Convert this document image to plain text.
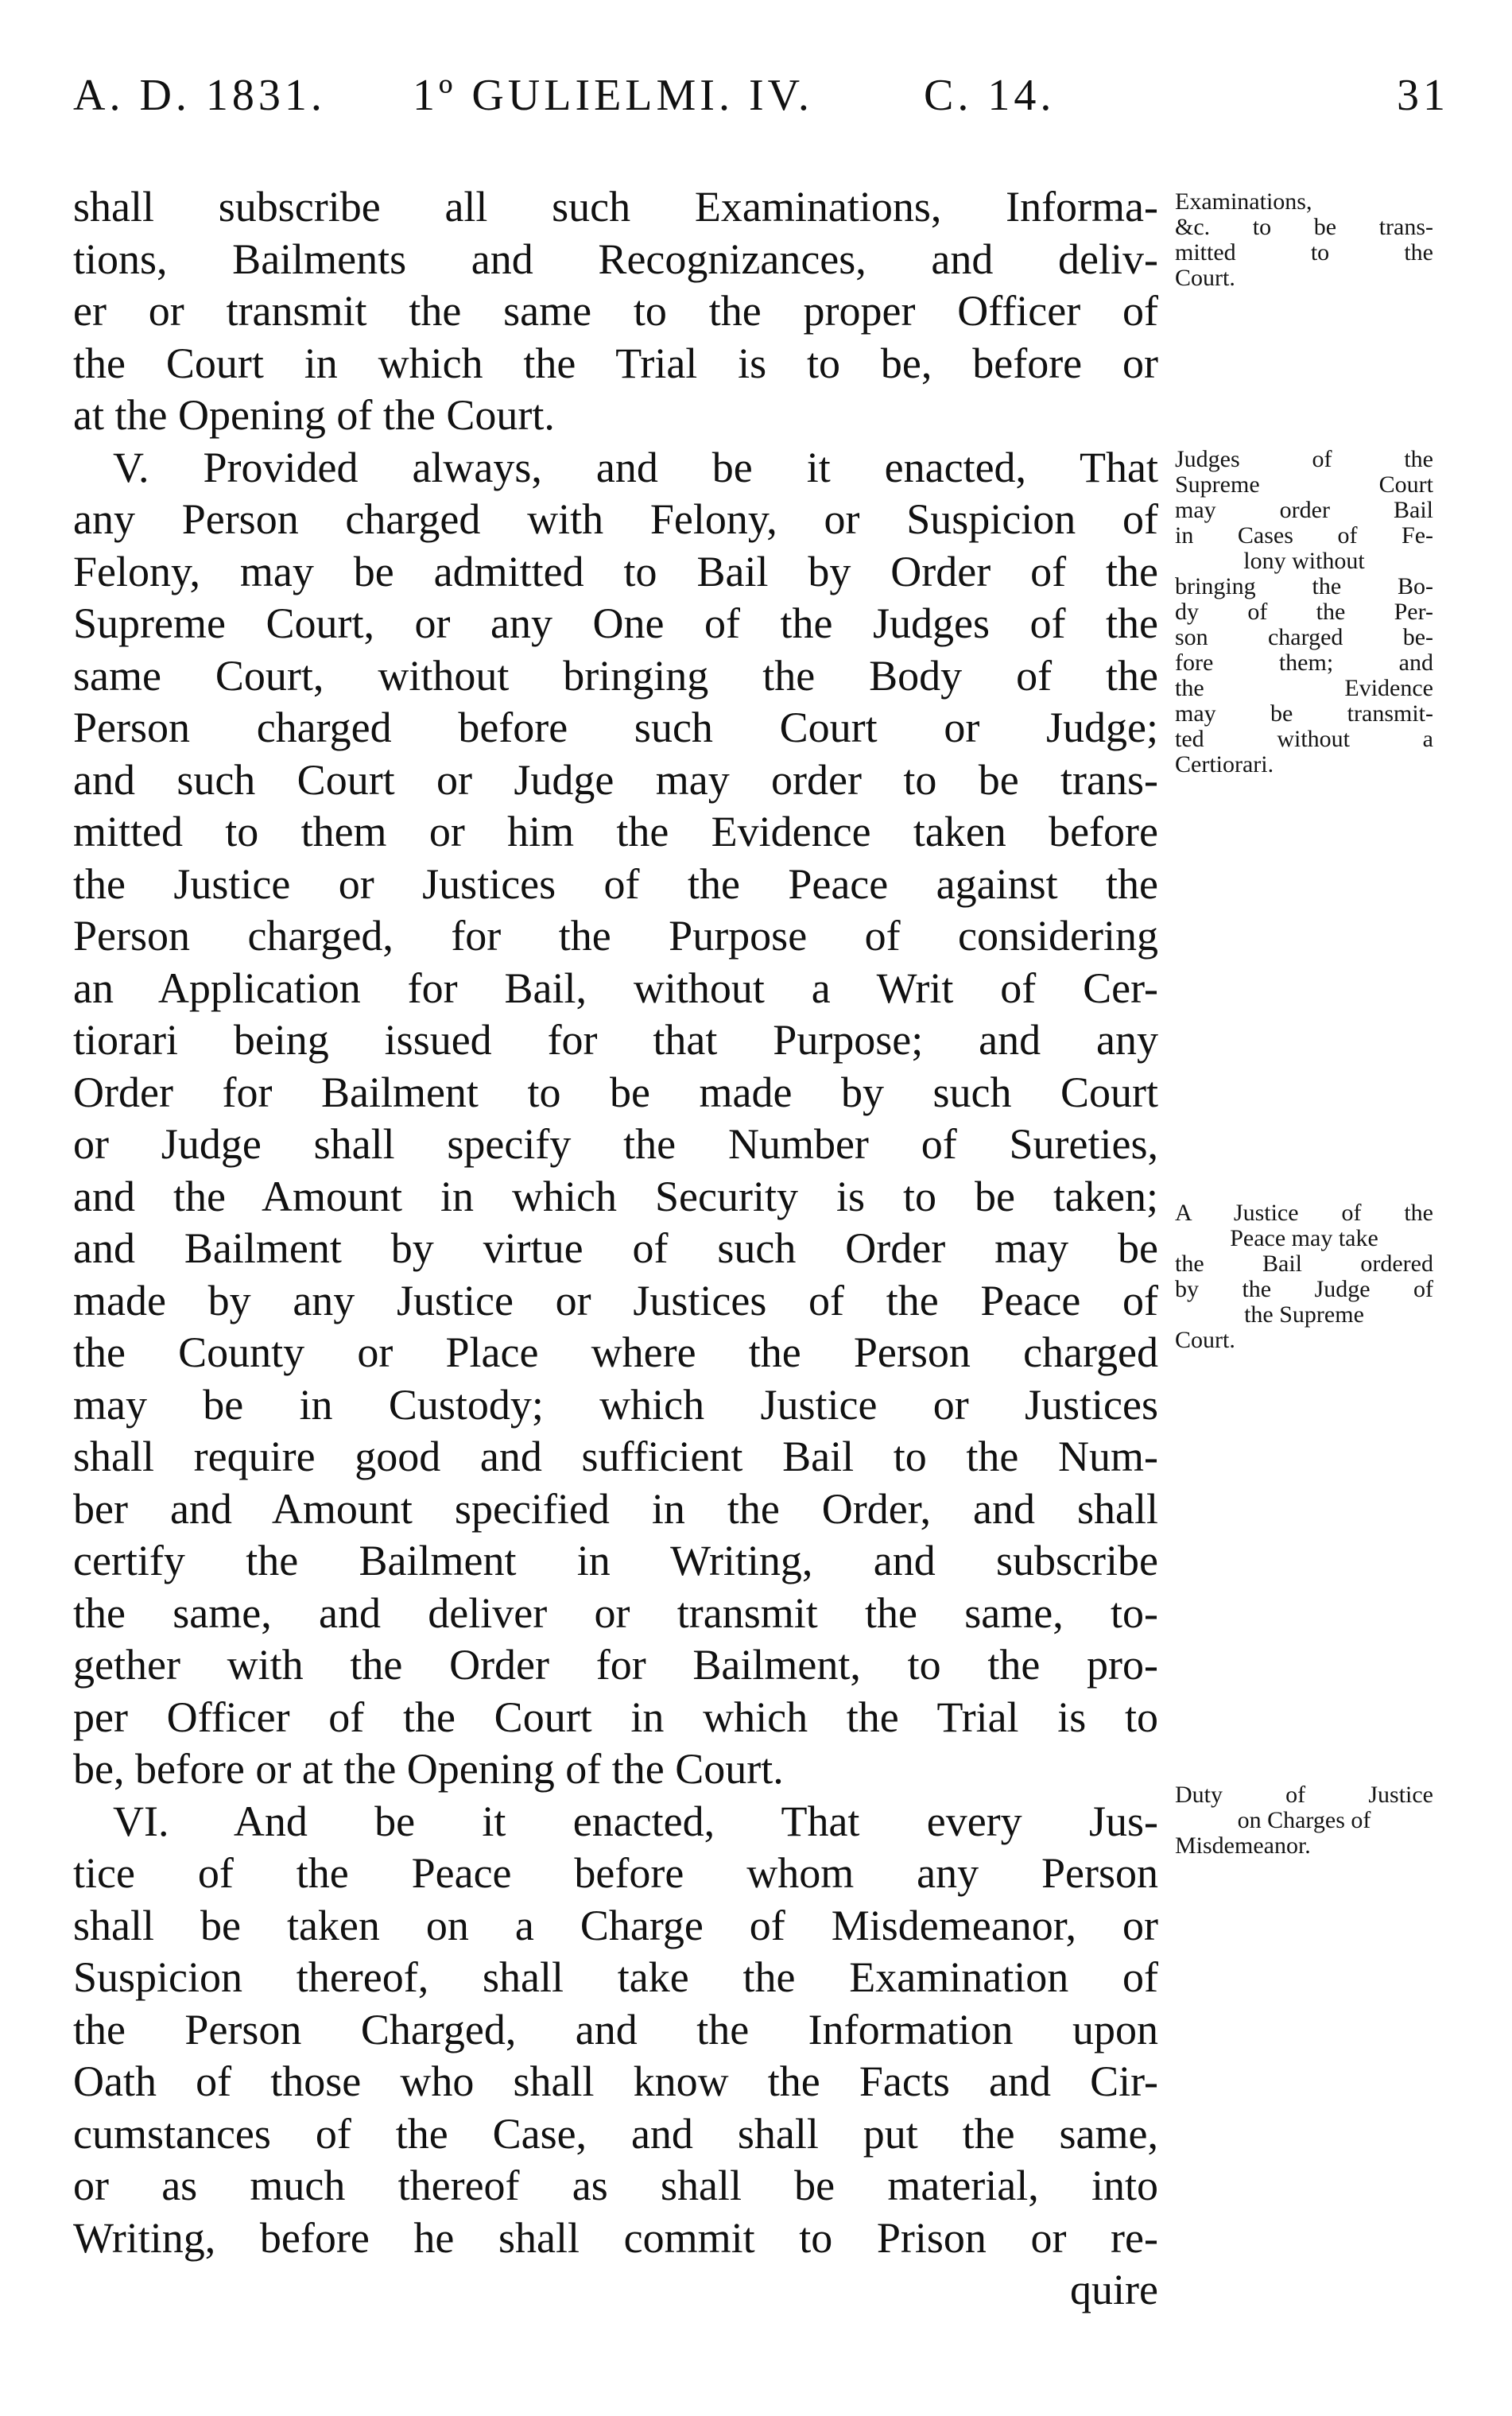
A. D. 1831. 1º GULIELMI. IV. C. 14.	31
shall subscribe all such Examinations, Informa-
tions, Bailments and Recognizances, and deliv-
er or transmit the same to the proper Officer of
the Court in which the Trial is to be, before or
at the Opening of the Court.
V. Provided always, and be it enacted, That
any Person charged with Felony, or Suspicion of
Felony, may be admitted to Bail by Order of the
Supreme Court, or any One of the Judges of the
same Court, without bringing the Body of the
Person charged before such Court or Judge;
and such Court or Judge may order to be trans-
mitted to them or him the Evidence taken before
the Justice or Justices of the Peace against the
Person charged, for the Purpose of considering
an Application for Bail, without a Writ of Cer-
tiorari being issued for that Purpose; and any
Order for Bailment to be made by such Court
or Judge shall specify the Number of Sureties,
and the Amount in which Security is to be taken;
and Bailment by virtue of such Order may be
made by any Justice or Justices of the Peace of
the County or Place where the Person charged
may be in Custody; which Justice or Justices
shall require good and sufficient Bail to the Num-
ber and Amount specified in the Order, and shall
certify the Bailment in Writing, and subscribe
the same, and deliver or transmit the same, to-
gether with the Order for Bailment, to the pro-
per Officer of the Court in which the Trial is to
be, before or at the Opening of the Court.
VI. And be it enacted, That every Jus-
tice of the Peace before whom any Person
shall be taken on a Charge of Misdemeanor, or
Suspicion thereof, shall take the Examination of
the Person Charged, and the Information upon
Oath of those who shall know the Facts and Cir-
cumstances of the Case, and shall put the same,
or as much thereof as shall be material, into
Writing, before he shall commit to Prison or re-
quire
Examinations,
&c. to be trans-
mitted to the
Court.
Judges of the
Supreme Court
may order Bail
in Cases of Fe-
lony without
bringing the Bo-
dy of the Per-
son charged be-
fore them; and
the Evidence
may be transmit-
ted without a
Certiorari.
A Justice of the
Peace may take
the Bail ordered
by the Judge of
the Supreme
Court.
Duty of Justice
on Charges of
Misdemeanor.
